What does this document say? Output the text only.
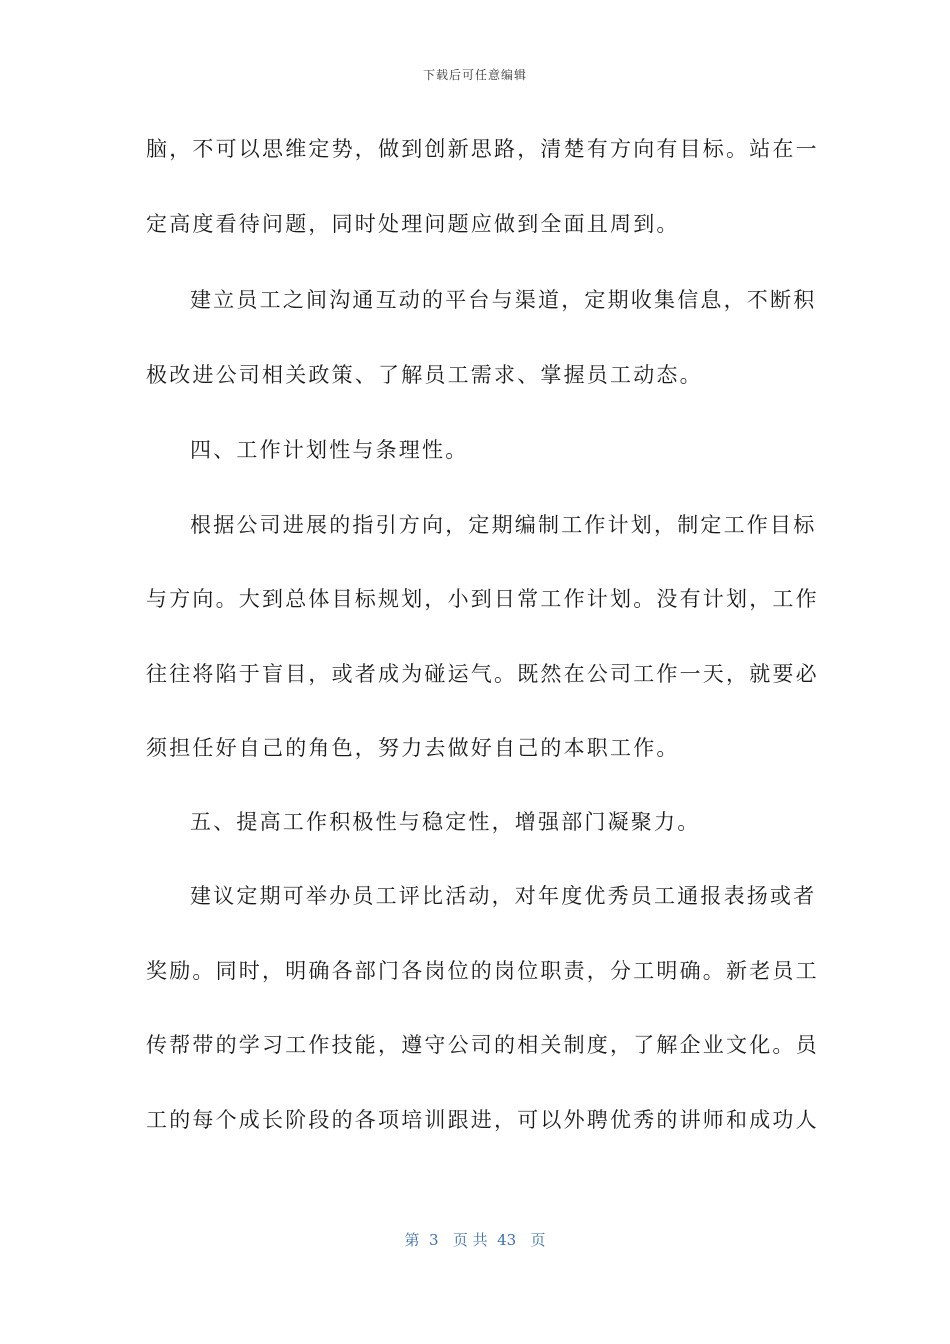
下载后可任意编辑
脑，不可以思维定势，做到创新思路，清楚有方向有目标。站在一
定高度看待问题，同时处理问题应做到全面且周到。
建立员工之间沟通互动的平台与渠道，定期收集信息，不断积
极改进公司相关政策、了解员工需求、掌握员工动态。
四、工作计划性与条理性。
根据公司进展的指引方向，定期编制工作计划，制定工作目标
与方向。大到总体目标规划，小到日常工作计划。没有计划，工作
往往将陷于盲目，或者成为碰运气。既然在公司工作一天，就要必
须担任好自己的角色，努力去做好自己的本职工作。
五、提高工作积极性与稳定性，增强部门凝聚力。
建议定期可举办员工评比活动，对年度优秀员工通报表扬或者
奖励。同时，明确各部门各岗位的岗位职责，分工明确。新老员工
传帮带的学习工作技能，遵守公司的相关制度，了解企业文化。员
工的每个成长阶段的各项培训跟进，可以外聘优秀的讲师和成功人
第  3   页 共  43   页
